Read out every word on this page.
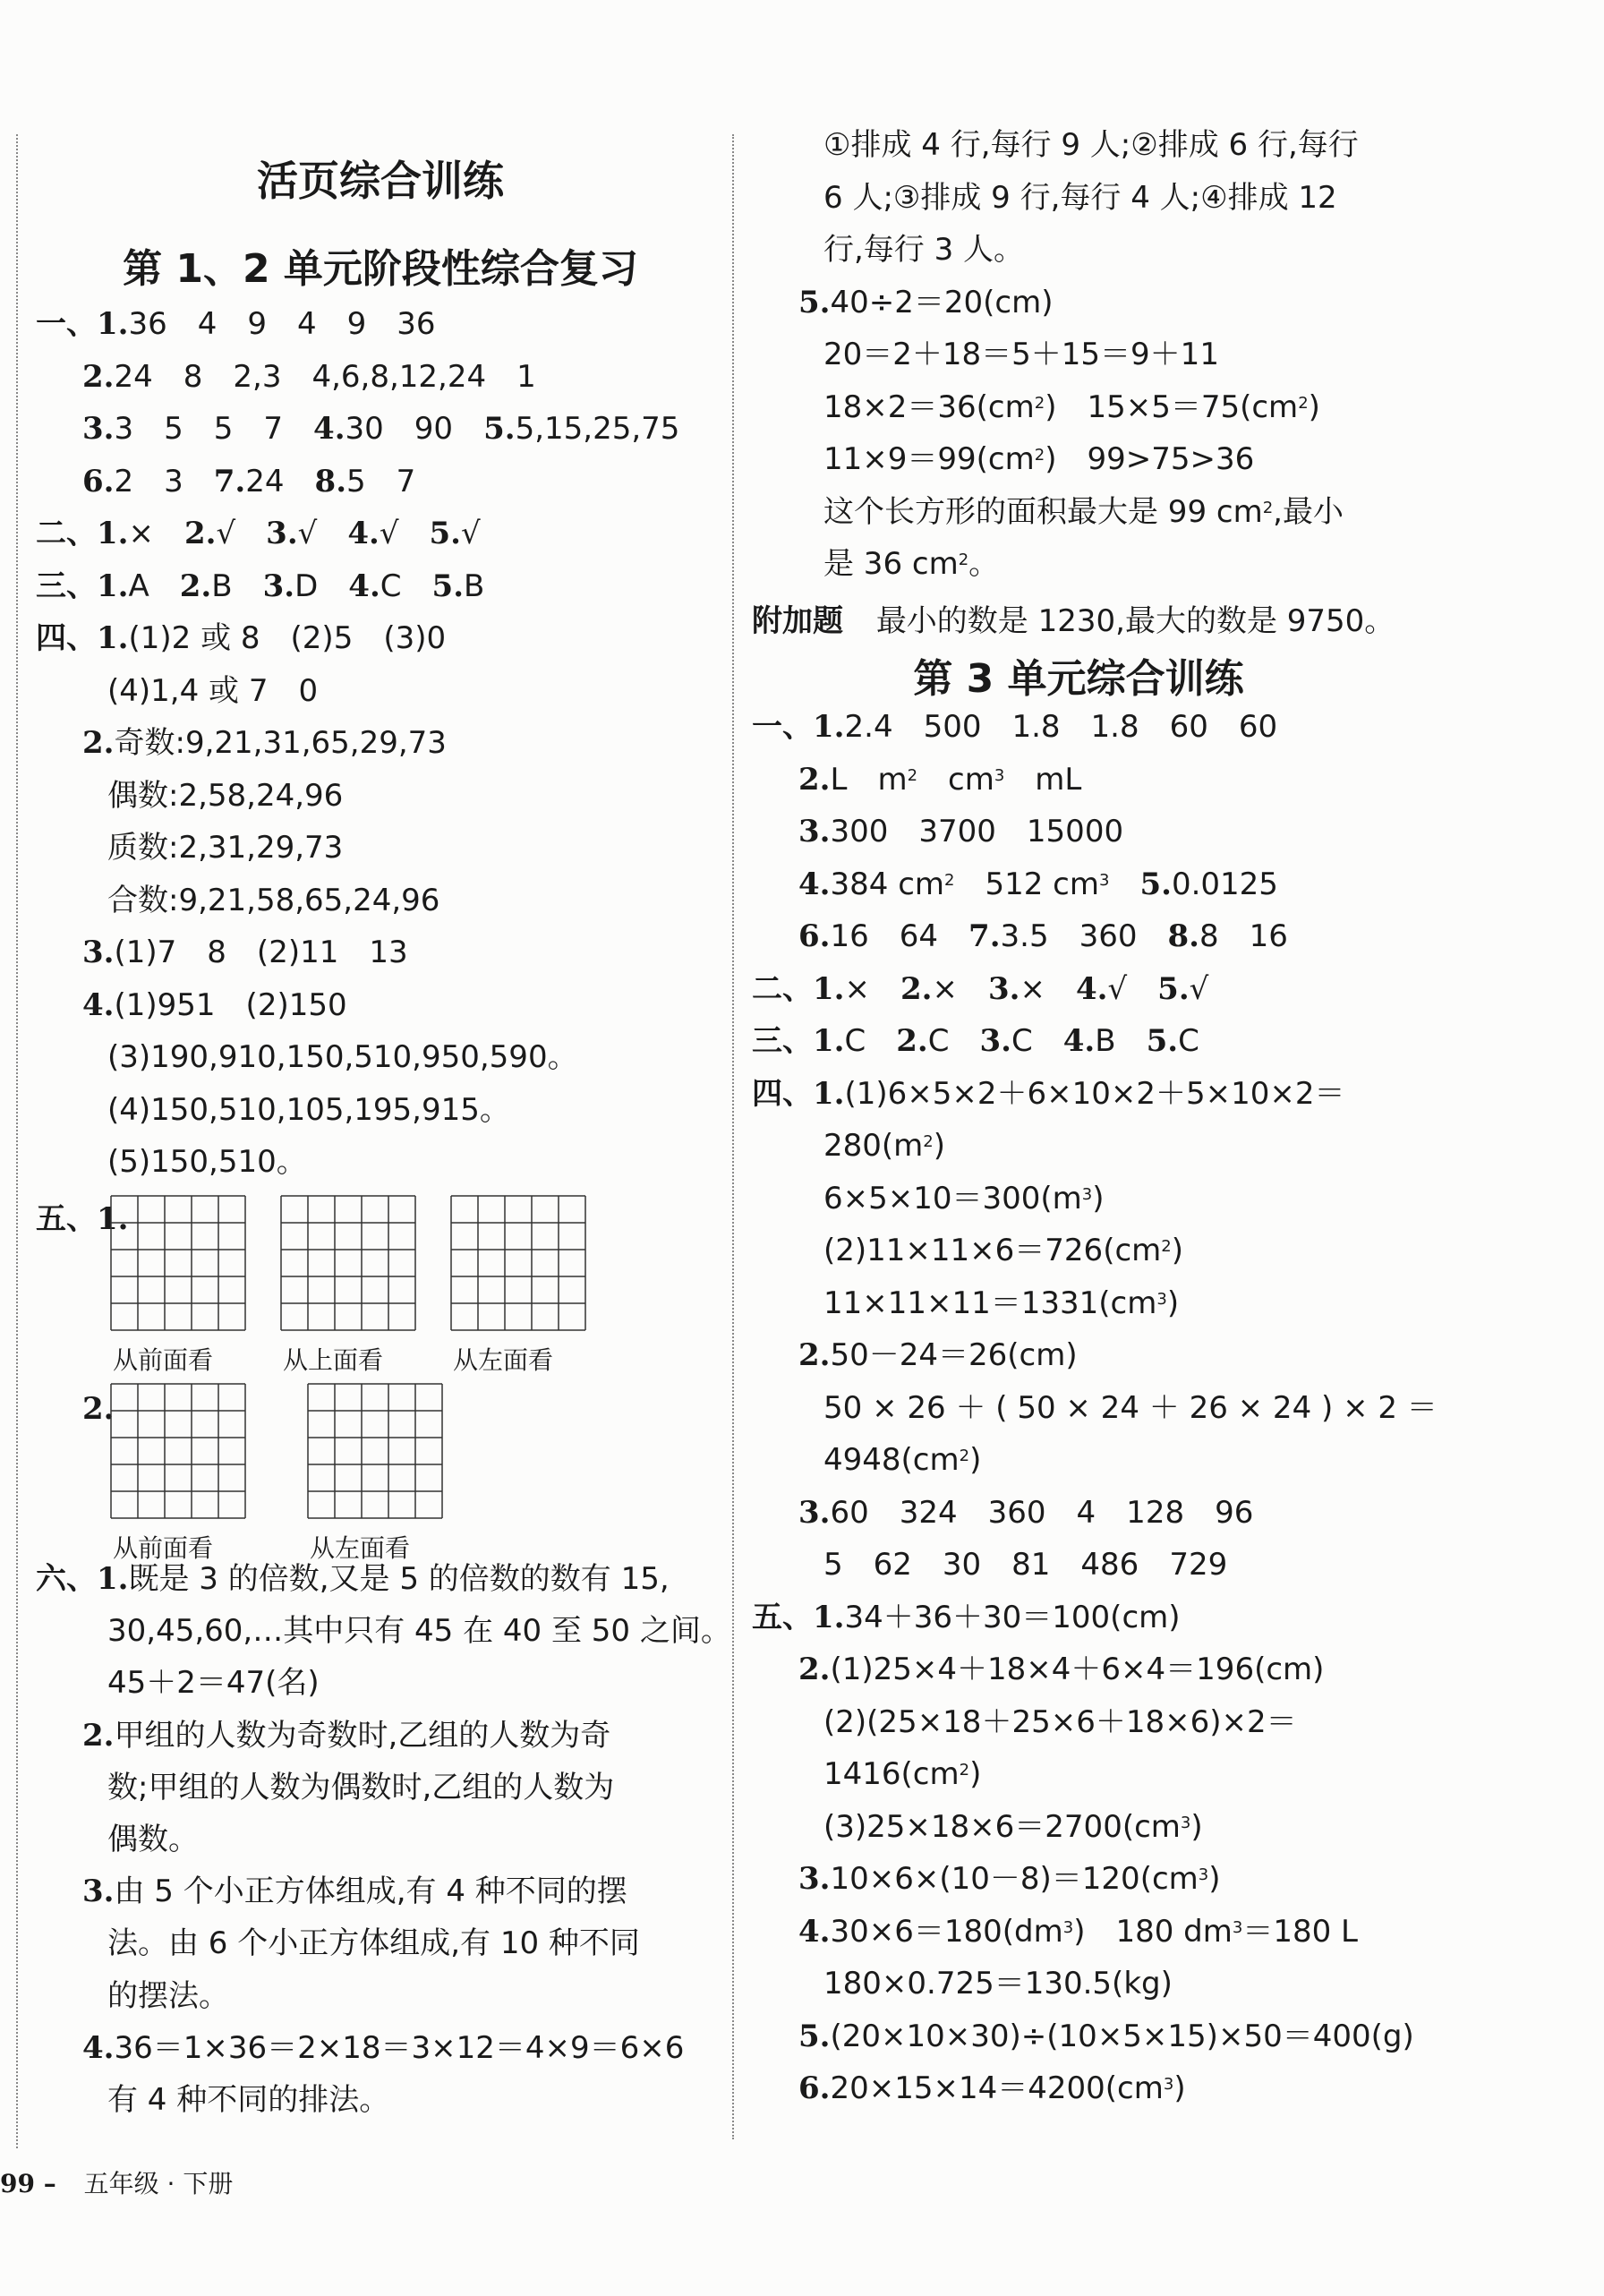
活页综合训练
第 1、2 单元阶段性综合复习
一、1.36　4　9　4　9　36
2.24　8　2,3　4,6,8,12,24　1
3.3　5　5　7　4.30　90　5.5,15,25,75
6.2　3　7.24　8.5　7
二、1.×　2.√　3.√　4.√　5.√
三、1.A　2.B　3.D　4.C　5.B
四、1.(1)2 或 8　(2)5　(3)0
(4)1,4 或 7　0
2.奇数:9,21,31,65,29,73
偶数:2,58,24,96
质数:2,31,29,73
合数:9,21,58,65,24,96
3.(1)7　8　(2)11　13
4.(1)951　(2)150
(3)190,910,150,510,950,590。
(4)150,510,105,195,915。
(5)150,510。
五、1.
2.
从前面看	从上面看	从左面看
从前面看	从左面看
六、1.既是 3 的倍数,又是 5 的倍数的数有 15,
30,45,60,…其中只有 45 在 40 至 50 之间。
45＋2＝47(名)
2.甲组的人数为奇数时,乙组的人数为奇
数;甲组的人数为偶数时,乙组的人数为
偶数。
3.由 5 个小正方体组成,有 4 种不同的摆
法。由 6 个小正方体组成,有 10 种不同
的摆法。
4.36＝1×36＝2×18＝3×12＝4×9＝6×6
有 4 种不同的排法。
99 – 五年级 · 下册
①排成 4 行,每行 9 人;②排成 6 行,每行
6 人;③排成 9 行,每行 4 人;④排成 12
行,每行 3 人。
5.40÷2＝20(cm)
20＝2＋18＝5＋15＝9＋11
$18\times 2=36(cm^2)$　$15\times 5=75(cm^2)$
$11\times 9=99(cm^2)$　99>75>36
这个长方形的面积最大是 99 $cm^2$,最小
是 36 $cm^2$。
附加题 最小的数是 1230,最大的数是 9750。
第 3 单元综合训练
一、1.2.4　500　1.8　1.8　60　60
2.L　$m^2$　$cm^3$　mL
3.300　3700　15000
4.384 $cm^2$　512 $cm^3$　 5.0.0125
6.16　64　7.3.5　360　8.8　16
二、1.×　2.×　3.×　4.√　5.√
三、1.C　2.C　3.C　4.B　5.C
四、1.(1)6×5×2＋6×10×2＋5×10×2＝
$280(m^2)$
$6\times 5\times 10=300(m^3)$
$(2)11\times 11\times 6=726(cm^2)$
$11\times 11\times 11=1331(cm^3)$
2.50－24＝26(cm)
50 × 26 ＋ ( 50 × 24 ＋ 26 × 24 ) × 2 ＝
$4948(cm^2)$
3.60　324　360　4　128　96
5　62　30　81　486　729
五、1.34＋36＋30＝100(cm)
2.(1)25×4＋18×4＋6×4＝196(cm)
(2)(25×18＋25×6＋18×6)×2＝
$1416(cm^2)$
$(3)25\times 18\times 6=2700(cm^3)$
$3.10\times 6\times(10-8)=120(cm^3)$
$4.30\times 6=180(dm^3)$　180 $dm^3=180$ L
180×0.725＝130.5(kg)
5.(20×10×30)÷(10×5×15)×50＝400(g)
$6.20\times 15\times 14=4200(cm^3)$
